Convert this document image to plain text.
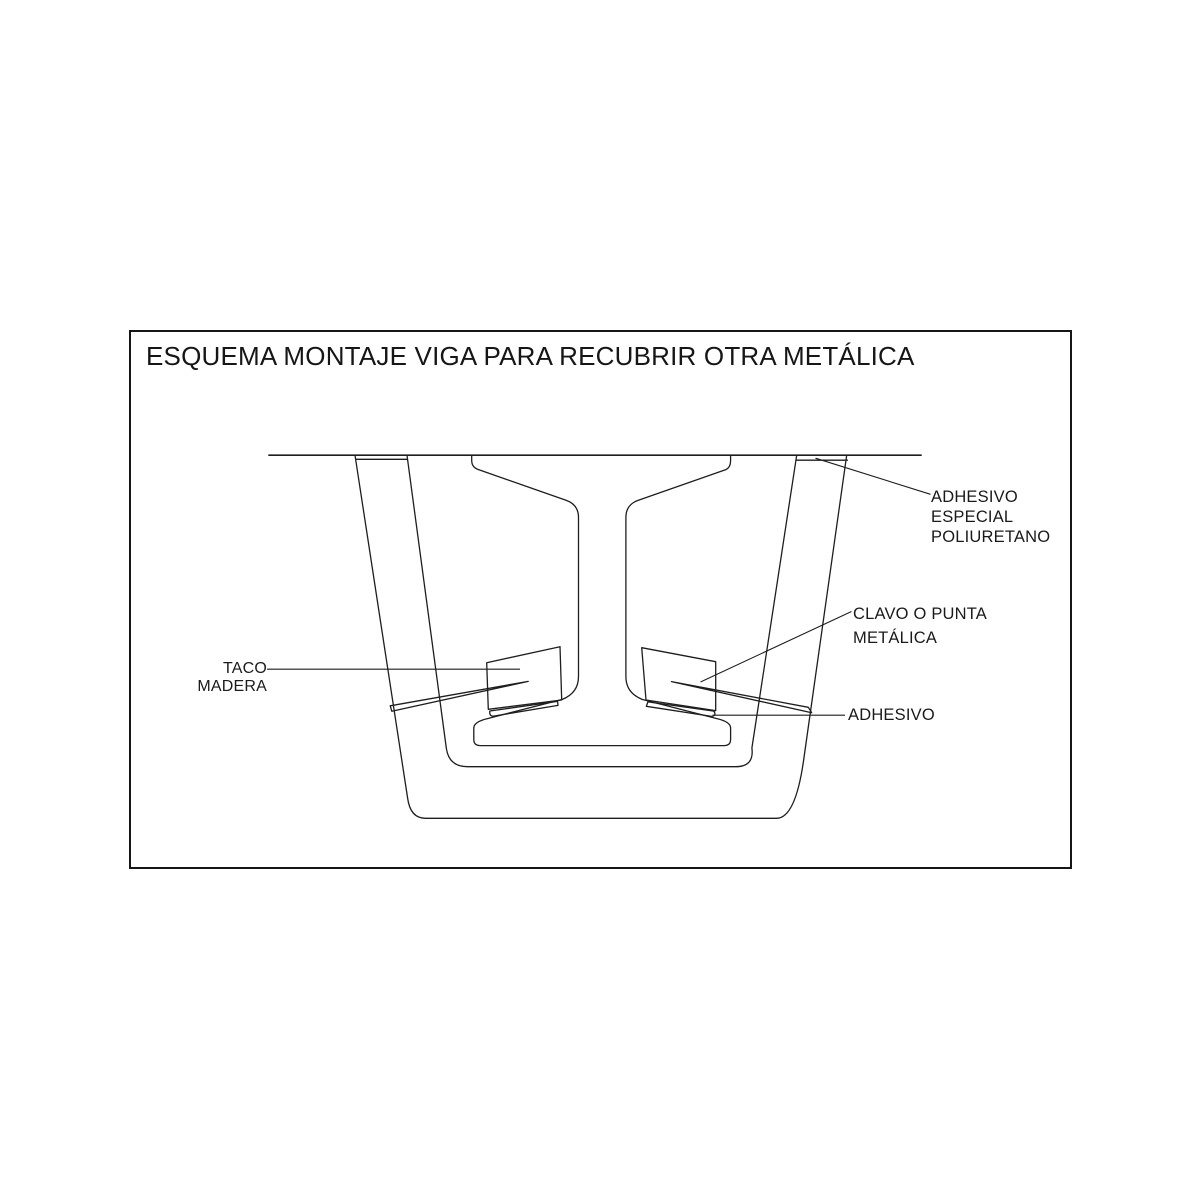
ESQUEMA MONTAJE VIGA PARA RECUBRIR OTRA METÁLICA
TACO
MADERA
CLAVO O PUNTA
METÁLICA
ADHESIVO
ADHESIVO
ESPECIAL
POLIURETANO
